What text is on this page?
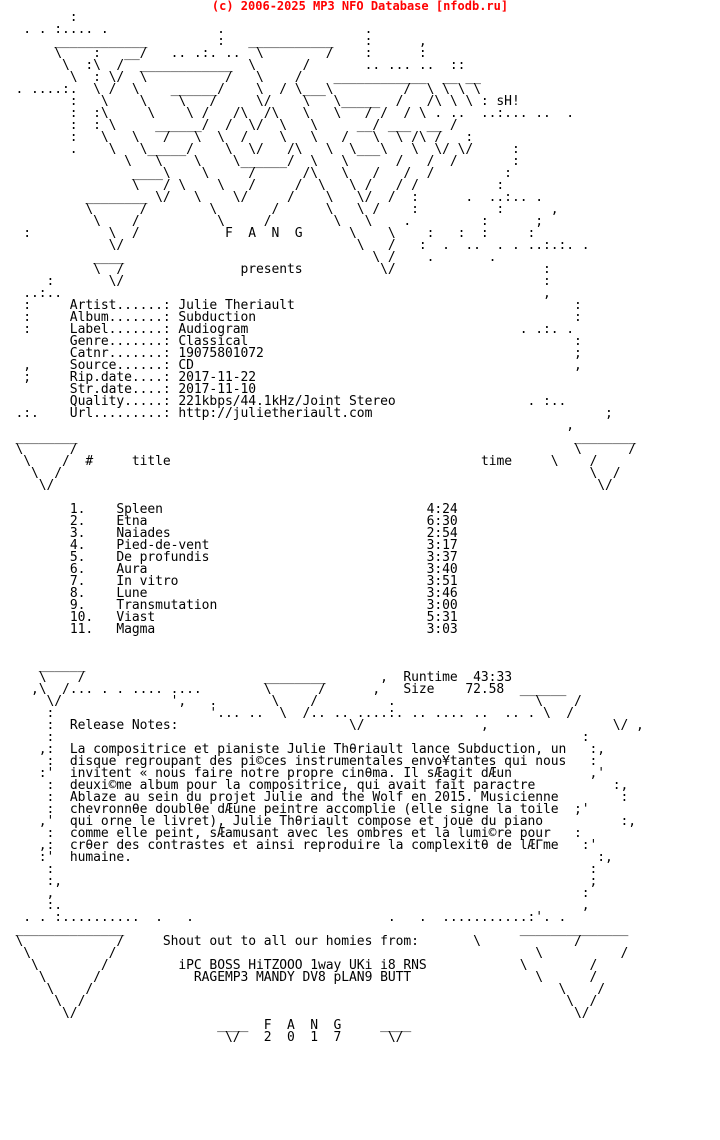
(c) 2006-2025 MP3 NFO Database [nfodb.ru]
:
. . :.... .              .                  .
____________         :   ___________    :      ,
\    :   __/   .. .:. ..  \        /    :      :
\  :\  /  ____________  \      /       .. ... ..  ::
\  : \/  \          /   \    /    ____________  __ __
. ....:.  \ /  \    ______/    \  / \___\         /  \ \ \ \
:   \    \    \   /     \/    \   \_____  /   /\ \ \ : sH!
:  :\     \    \ /   /\  /\   \   \   / /  / \ . ..  ..:... ..  .
:  : \     ______/  /  \/  \   \     __/ ___  __ /
:   \   \   /   \  \  /    \   \   /   \  \ /\ /   :
.    \   \_____/    \  \/   /\   \  \___\   \  \/ \/     :
\   \    \    \______/  \   \      /   /  /       :
____\    \     /      /\   \   /   /  /         :
\   / \    \   /     /  \   \ /   / /          :
________ \/   \    \/     /    \   \/  /  :      .  ..:.. .
\      /        \       /      \   \ /    :          :      ,
\    /          \     /        \   \    .         :      ;
:          \  /           F  A  N  G      \    \    :   :  :     :
\/                              \   /   :  .  ..  . . ..:.:. .
____                                \ /    .       .
\  /               presents          \/                   :
:       \/                                                      :
..:..                                                              ,
:     Artist......: Julie Theriault                                    :
:     Album.......: Subduction                                         :
:     Label.......: Audiogram                                   . .:. .
Genre.......: Classical                                          :
Catnr.......: 19075801072                                        ;
,     Source......: CD                                                 ,
;     Rip.date....: 2017-11-22
Str.date....: 2017-11-10
Quality.....: 221kbps/44.1kHz/Joint Stereo                 . :..
.:.    Url.........: http://julietheriault.com                              ;
,
________                                                                ________
\      /                                                                \      /
\    /  #	title	time     \    /
\  /                                                                    \  /
\/                                                                      \/

1. Spleen	4:24
2. Etna	6:30
3. Naiades	2:54
4. Pied-de-vent	3:17
5. De profundis	3:37
6. Aura	3:40
7. In vitro	3:51
8. Lune	3:46
9. Transmutation	3:00
10. Viast	5:31
11. Magma	3:03

______
\    /                       ________       ,  Runtime  43:33
,\  /... . . .... ....        \      /      ,   Size    72.58  ______
\/              ',   .       \    /         .                  \    /
:                    '... ..  \  /.. .. ....:. .. .... ..  .. . \  /
:  Release Notes:                      \/               ,                \/ ,
:                                                                    :
,:  La compositrice et pianiste Julie Thθriault lance Subduction, un   :,
:  disque regroupant des pi©ces instrumentales envo¥tantes qui nous   :
:'  invitent « nous faire notre propre cinθma. Il sÆagit dÆun          ,'
:  deuxi©me album pour la compositrice, qui avait fait paractre          :,
:  Ablaze au sein du projet Julie and the Wolf en 2015. Musicienne        :
:  chevronnθe doublθe dÆune peintre accomplie (elle signe la toile  ;'
,'  qui orne le livret), Julie Thθriault compose et joue du piano          :,
:  comme elle peint, sÆamusant avec les ombres et la lumi©re pour   :
,:  crθer des contrastes et ainsi reproduire la complexitθ de lÆΓme   :'
:'  humaine.                                                            :,
:                                                                     :
:,                                                                    ;
,                                                                    :
:.                                                                   ,
. . :..........  .   .                         .   .  ...........:'. .
______________                                                   ______________
\            /     Shout out to all our homies from:       \            /
\          /                                                      \          /
\        /         iPC BOSS HiTZOOO 1way UKi i8 RNS            \        /
\      /            RAGEMP3 MANDY DV8 pLAN9 BUTT                \      /
\    /                                                            \    /
\  /                                                              \  /
\/                                                                \/
____  F  A  N  G     ____
\/   2  0  1  7      \/
